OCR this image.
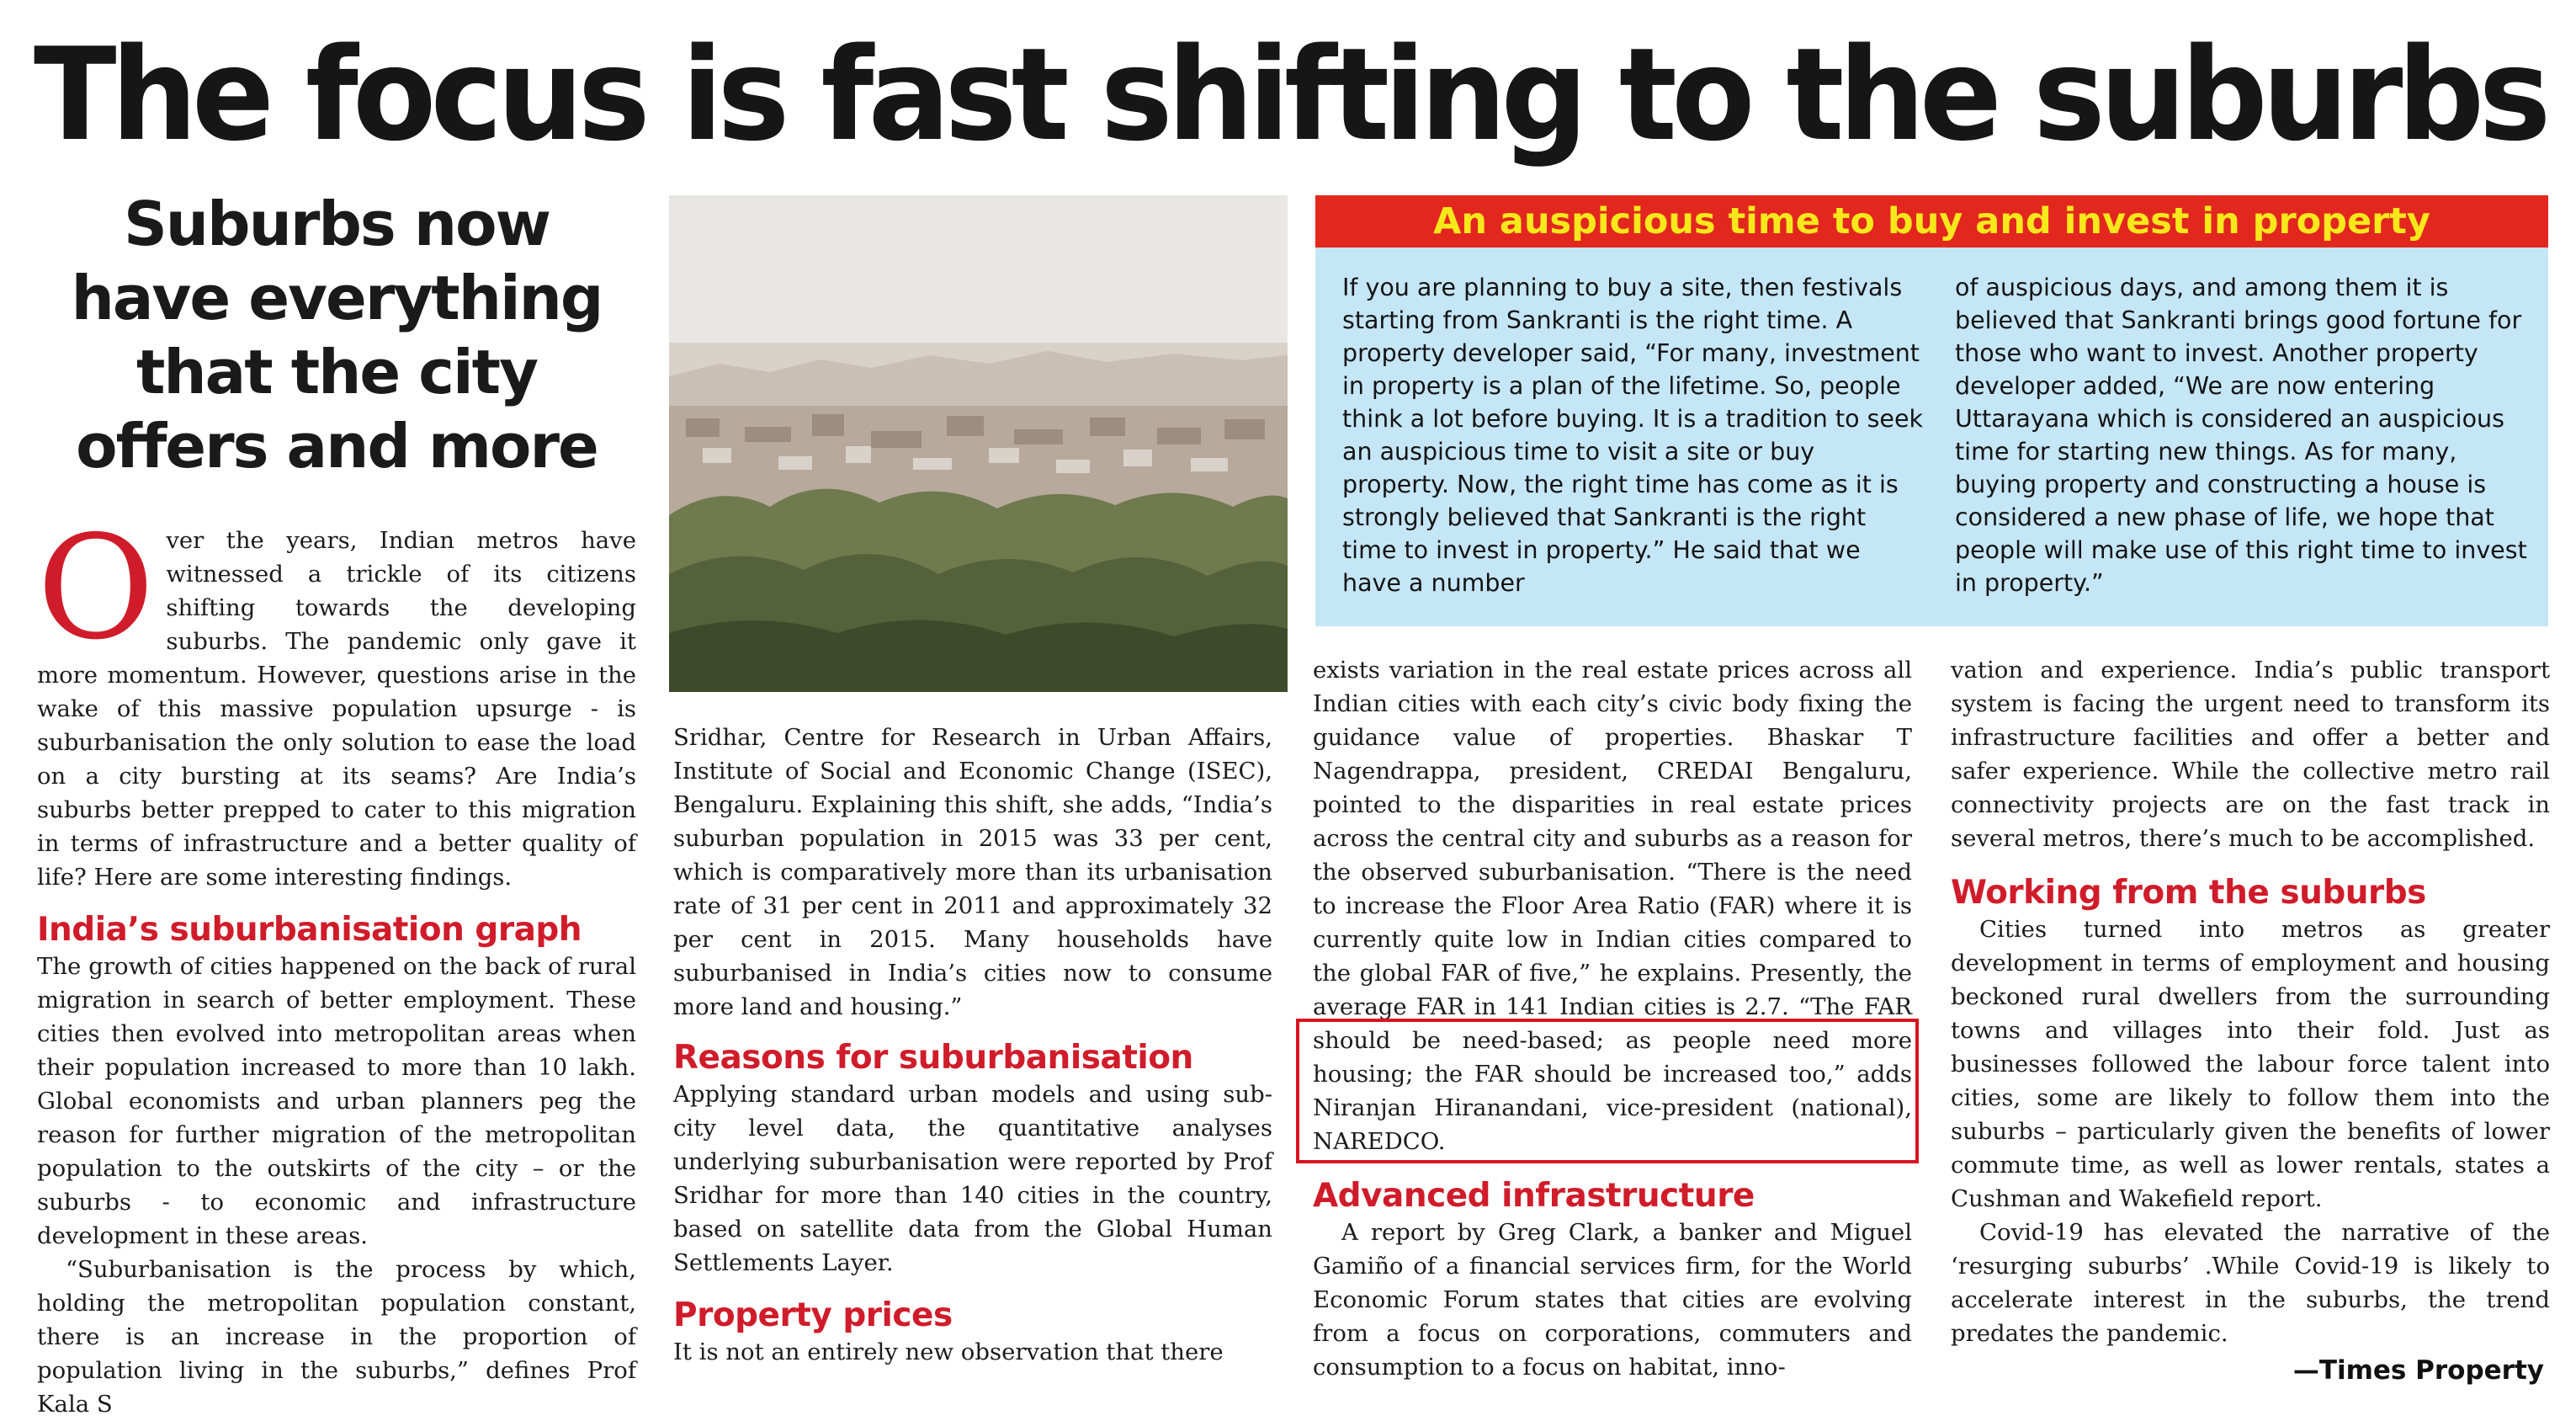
The focus is fast shifting to the suburbs
Suburbs now
have everything
that the city
offers and more

Over the years, Indian metros have witnessed a trickle of its citizens shifting towards the developing suburbs. The pandemic only gave it more momentum. However, questions arise in the wake of this massive population upsurge - is suburbanisation the only solution to ease the load on a city bursting at its seams? Are India’s suburbs better prepped to cater to this migration in terms of infrastructure and a better quality of life? Here are some interesting findings.

India’s suburbanisation graph

The growth of cities happened on the back of rural migration in search of better employment. These cities then evolved into metropolitan areas when their population increased to more than 10 lakh. Global economists and urban planners peg the reason for further migration of the metropolitan population to the outskirts of the city – or the suburbs - to economic and infrastructure development in these areas.

“Suburbanisation is the process by which, holding the metropolitan population constant, there is an increase in the proportion of population living in the suburbs,” defines Prof Kala S

Sridhar, Centre for Research in Urban Affairs, Institute of Social and Economic Change (ISEC), Bengaluru. Explaining this shift, she adds, “India’s suburban population in 2015 was 33 per cent, which is comparatively more than its urbanisation rate of 31 per cent in 2011 and approximately 32 per cent in 2015. Many households have suburbanised in India’s cities now to consume more land and housing.”

Reasons for suburbanisation

Applying standard urban models and using sub-city level data, the quantitative analyses underlying suburbanisation were reported by Prof Sridhar for more than 140 cities in the country, based on satellite data from the Global Human Settlements Layer.

Property prices

It is not an entirely new observation that there

An auspicious time to buy and invest in property
If you are planning to buy a site, then festivals starting from Sankranti is the right time. A property developer said, “For many, investment in property is a plan of the lifetime. So, people think a lot before buying. It is a tradition to seek an auspicious time to visit a site or buy property. Now, the right time has come as it is strongly believed that Sankranti is the right time to invest in property.” He said that we have a number
of auspicious days, and among them it is believed that Sankranti brings good fortune for those who want to invest. Another property developer added, “We are now entering Uttarayana which is considered an auspicious time for starting new things. As for many, buying property and constructing a house is considered a new phase of life, we hope that people will make use of this right time to invest in property.”

exists variation in the real estate prices across all Indian cities with each city’s civic body fixing the guidance value of properties. Bhaskar T Nagendrappa, president, CREDAI Bengaluru, pointed to the disparities in real estate prices across the central city and suburbs as a reason for the observed suburbanisation. “There is the need to increase the Floor Area Ratio (FAR) where it is currently quite low in Indian cities compared to the global FAR of five,” he explains. Presently, the average FAR in 141 Indian cities is 2.7. “The FAR should be need-based; as people need more housing; the FAR should be increased too,” adds Niranjan Hiranandani, vice-president (national), NAREDCO.

Advanced infrastructure

A report by Greg Clark, a banker and Miguel Gamiño of a financial services firm, for the World Economic Forum states that cities are evolving from a focus on corporations, commuters and consumption to a focus on habitat, inno-

vation and experience. India’s public transport system is facing the urgent need to transform its infrastructure facilities and offer a better and safer experience. While the collective metro rail connectivity projects are on the fast track in several metros, there’s much to be accomplished.

Working from the suburbs

Cities turned into metros as greater development in terms of employment and housing beckoned rural dwellers from the surrounding towns and villages into their fold. Just as businesses followed the labour force talent into cities, some are likely to follow them into the suburbs – particularly given the benefits of lower commute time, as well as lower rentals, states a Cushman and Wakefield report.

Covid-19 has elevated the narrative of the ‘resurging suburbs’ .While Covid-19 is likely to accelerate interest in the suburbs, the trend predates the pandemic.

—Times Property
